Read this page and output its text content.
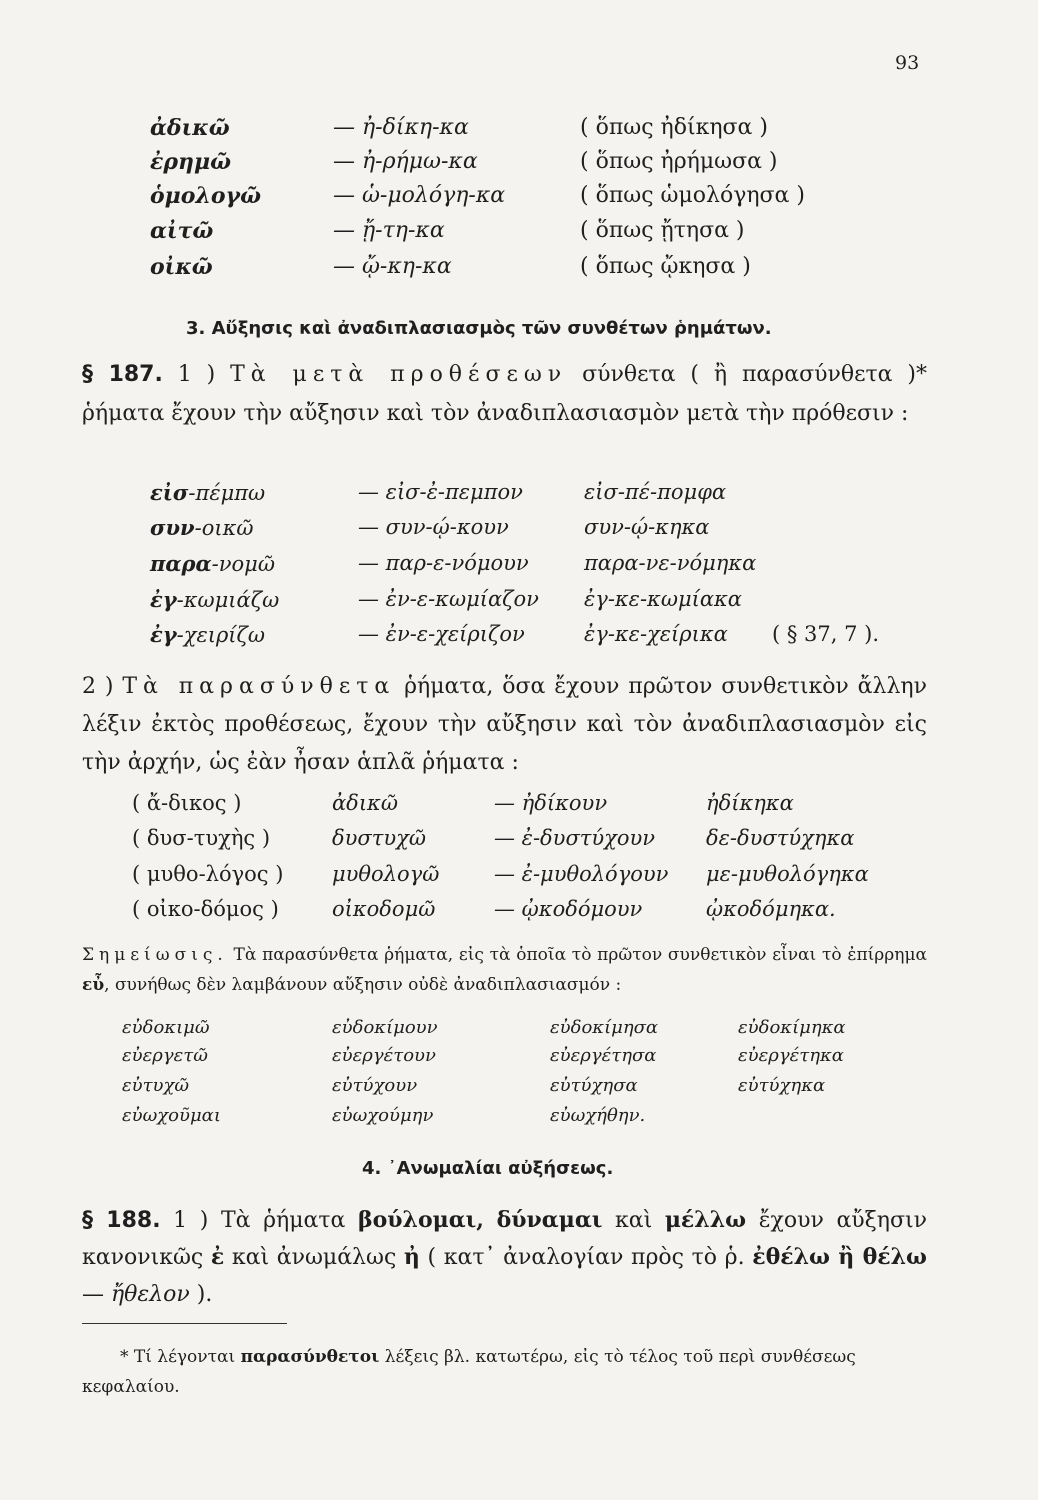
93
ἀδικῶ	— ἠ-δίκη-κα	( ὅπως ἠδίκησα )
ἐρημῶ	— ἠ-ρήμω-κα	( ὅπως ἠρήμωσα )
ὁμολογῶ	— ὡ-μολόγη-κα	( ὅπως ὡμολόγησα )
αἰτῶ	— ᾔ-τη-κα	( ὅπως ᾔτησα )
οἰκῶ	— ᾤ-κη-κα	( ὅπως ᾤκησα )
3. Αὔξησις καὶ ἀναδιπλασιασμὸς τῶν συνθέτων ῥημάτων.
§ 187. 1 ) Τὰ μετὰ προθέσεων σύνθετα ( ἢ παρασύνθετα )* ῥήματα ἔχουν τὴν αὔξησιν καὶ τὸν ἀναδιπλασιασμὸν μετὰ τὴν πρόθεσιν :
εἰσ-πέμπω	— εἰσ-ἐ-πεμπον	εἰσ-πέ-πομφα
συν-οικῶ	— συν-ῴ-κουν	συν-ῴ-κηκα
παρα-νομῶ	— παρ-ε-νόμουν	παρα-νε-νόμηκα
ἐγ-κωμιάζω	— ἐν-ε-κωμίαζον ἐγ-κε-κωμίακα
ἐγ-χειρίζω	— ἐν-ε-χείριζον	ἐγ-κε-χείρικα ( § 37, 7 ).
2 ) Τὰ παρασύνθετα ῥήματα, ὅσα ἔχουν πρῶτον συνθετικὸν ἄλλην λέξιν ἐκτὸς προθέσεως, ἔχουν τὴν αὔξησιν καὶ τὸν ἀναδιπλασιασμὸν εἰς τὴν ἀρχήν, ὡς ἐὰν ἦσαν ἁπλᾶ ῥήματα :
( ἄ-δικος )	ἀδικῶ	— ἠδίκουν	ἠδίκηκα
( δυσ-τυχὴς )	δυστυχῶ	— ἐ-δυστύχουν δε-δυστύχηκα
( μυθο-λόγος ) μυθολογῶ	— ἐ-μυθολόγουν με-μυθολόγηκα
( οἰκο-δόμος )	οἰκοδομῶ	— ᾠκοδόμουν	ᾠκοδόμηκα.
Σημείωσις. Τὰ παρασύνθετα ῥήματα, εἰς τὰ ὁποῖα τὸ πρῶτον συνθετικὸν εἶναι τὸ ἐπίρρημα εὖ, συνήθως δὲν λαμβάνουν αὔξησιν οὐδὲ ἀναδιπλασιασμόν :
εὐδοκιμῶ	εὐδοκίμουν	εὐδοκίμησα	εὐδοκίμηκα
εὐεργετῶ	εὐεργέτουν	εὐεργέτησα	εὐεργέτηκα
εὐτυχῶ	εὐτύχουν	εὐτύχησα	εὐτύχηκα
εὐωχοῦμαι	εὐωχούμην	εὐωχήθην.
4. ᾿Ανωμαλίαι αὐξήσεως.
§ 188. 1 ) Τὰ ῥήματα βούλομαι, δύναμαι καὶ μέλλω ἔχουν αὔξησιν κανονικῶς ἐ καὶ ἀνωμάλως ἠ ( κατ᾿ ἀναλογίαν πρὸς τὸ ῥ. ἐθέλω ἢ θέλω — ἤθελον ).
* Τί λέγονται παρασύνθετοι λέξεις βλ. κατωτέρω, εἰς τὸ τέλος τοῦ περὶ συνθέσεως κεφαλαίου.
